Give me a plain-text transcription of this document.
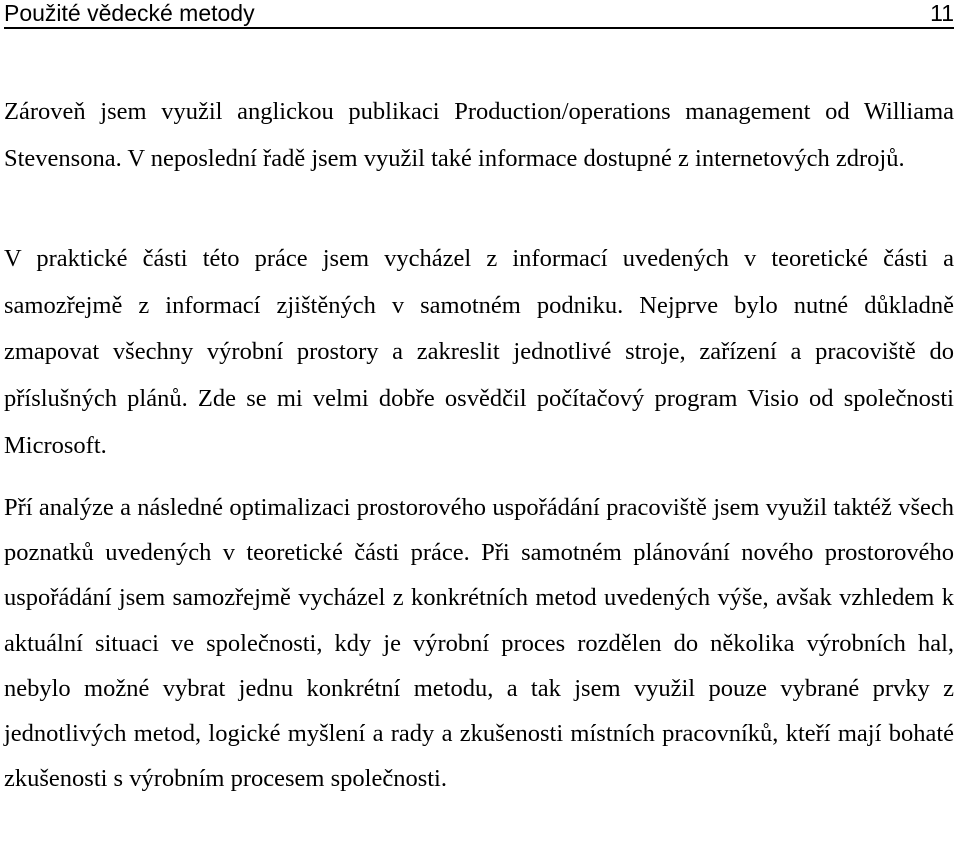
Použité vědecké metody	11

Zároveň jsem využil anglickou publikaci Production/operations management od Williama Stevensona. V neposlední řadě jsem využil také informace dostupné z internetových zdrojů.

V praktické části této práce jsem vycházel z informací uvedených v teoretické části a samozřejmě z informací zjištěných v samotném podniku. Nejprve bylo nutné důkladně zmapovat všechny výrobní prostory a zakreslit jednotlivé stroje, zařízení a pracoviště do příslušných plánů. Zde se mi velmi dobře osvědčil počítačový program Visio od společnosti Microsoft.

Pří analýze a následné optimalizaci prostorového uspořádání pracoviště jsem využil taktéž všech poznatků uvedených v teoretické části práce. Při samotném plánování nového prostorového uspořádání jsem samozřejmě vycházel z konkrétních metod uvedených výše, avšak vzhledem k aktuální situaci ve společnosti, kdy je výrobní proces rozdělen do několika výrobních hal, nebylo možné vybrat jednu konkrétní metodu, a tak jsem využil pouze vybrané prvky z jednotlivých metod, logické myšlení a rady a zkušenosti místních pracovníků, kteří mají bohaté zkušenosti s výrobním procesem společnosti.
